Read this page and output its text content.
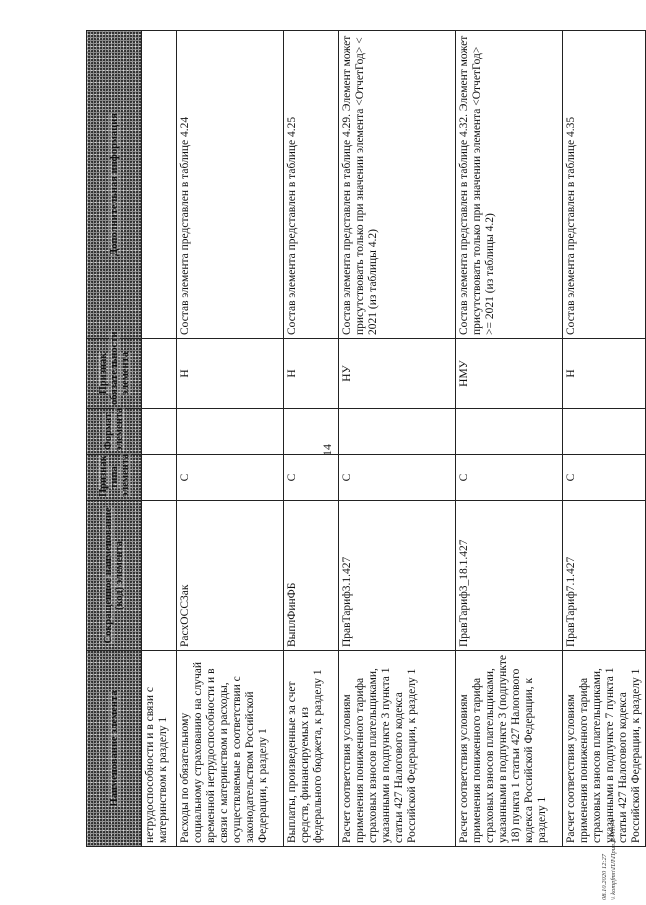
14
08.10.2020 12:27 \\ kompfmn\ПЛ\Прил.И4410-4
Наименование элемента	Сокращенное наименование (код) элемента	Признак типа элемента	Формат элемента	Признак обязательности элемента	Дополнительная информация
нетрудоспособности и в связи с материнством к разделу 1					
Расходы по обязательному социальному страхованию на случай временной нетрудоспособности и в связи с материнством и расходы, осуществляемые в соответствии с законодательством Российской Федерации, к разделу 1	РасхОСС3ак	С		Н	Состав элемента представлен в таблице 4.24
Выплаты, произведенные за счет средств, финансируемых из федерального бюджета, к разделу 1	ВыплФинФБ	С		Н	Состав элемента представлен в таблице 4.25
Расчет соответствия условиям применения пониженного тарифа страховых взносов плательщиками, указанными в подпункте 3 пункта 1 статьи 427 Налогового кодекса Российской Федерации, к разделу 1	ПравТариф3.1.427	С		НУ	Состав элемента представлен в таблице 4.29. Элемент может присутствовать только при значении элемента <ОтчетГод> < 2021 (из таблицы 4.2)
Расчет соответствия условиям применения пониженного тарифа страховых взносов плательщиками, указанными в подпункте 3 (подпункте 18) пункта 1 статьи 427 Налогового кодекса Российской Федерации, к разделу 1	ПравТариф3_18.1.427	С		НМУ	Состав элемента представлен в таблице 4.32. Элемент может присутствовать только при значении элемента <ОтчетГод> >= 2021 (из таблицы 4.2)
Расчет соответствия условиям применения пониженного тарифа страховых взносов плательщиками, указанными в подпункте 7 пункта 1 статьи 427 Налогового кодекса Российской Федерации, к разделу 1	ПравТариф7.1.427	С		Н	Состав элемента представлен в таблице 4.35
